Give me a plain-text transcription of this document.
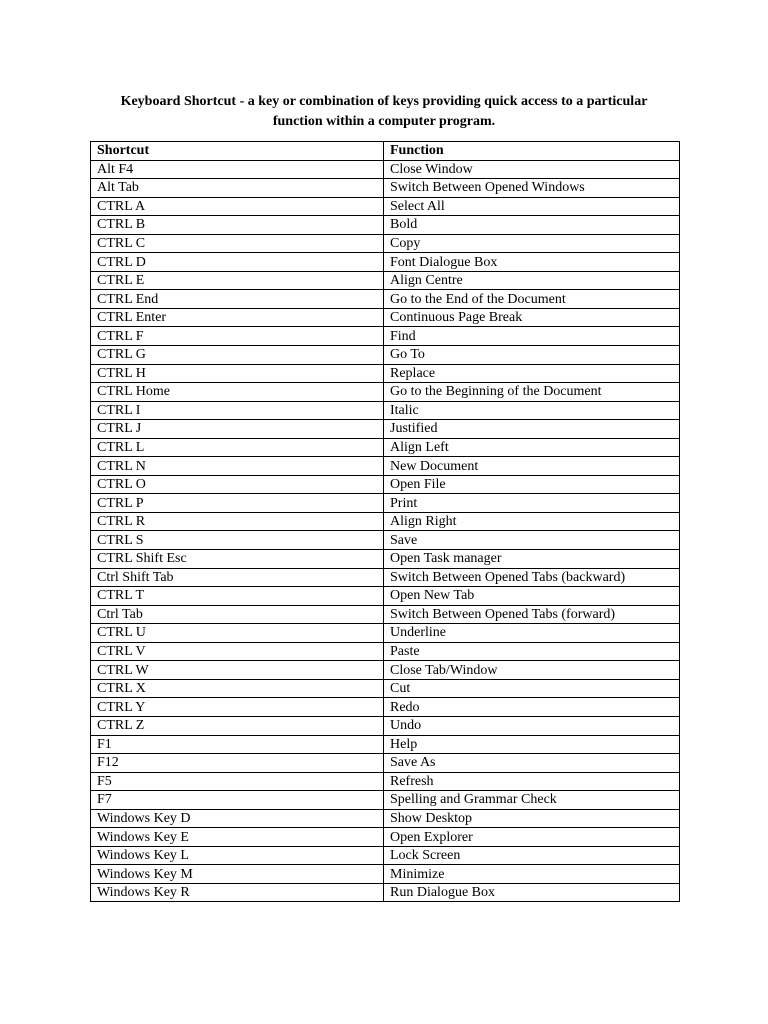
Keyboard Shortcut - a key or combination of keys providing quick access to a particular
function within a computer program.
Shortcut	Function
Alt F4	Close Window
Alt Tab	Switch Between Opened Windows
CTRL A	Select All
CTRL B	Bold
CTRL C	Copy
CTRL D	Font Dialogue Box
CTRL E	Align Centre
CTRL End	Go to the End of the Document
CTRL Enter	Continuous Page Break
CTRL F	Find
CTRL G	Go To
CTRL H	Replace
CTRL Home	Go to the Beginning of the Document
CTRL I	Italic
CTRL J	Justified
CTRL L	Align Left
CTRL N	New Document
CTRL O	Open File
CTRL P	Print
CTRL R	Align Right
CTRL S	Save
CTRL Shift Esc	Open Task manager
Ctrl Shift Tab	Switch Between Opened Tabs (backward)
CTRL T	Open New Tab
Ctrl Tab	Switch Between Opened Tabs (forward)
CTRL U	Underline
CTRL V	Paste
CTRL W	Close Tab/Window
CTRL X	Cut
CTRL Y	Redo
CTRL Z	Undo
F1	Help
F12	Save As
F5	Refresh
F7	Spelling and Grammar Check
Windows Key D	Show Desktop
Windows Key E	Open Explorer
Windows Key L	Lock Screen
Windows Key M	Minimize
Windows Key R	Run Dialogue Box
